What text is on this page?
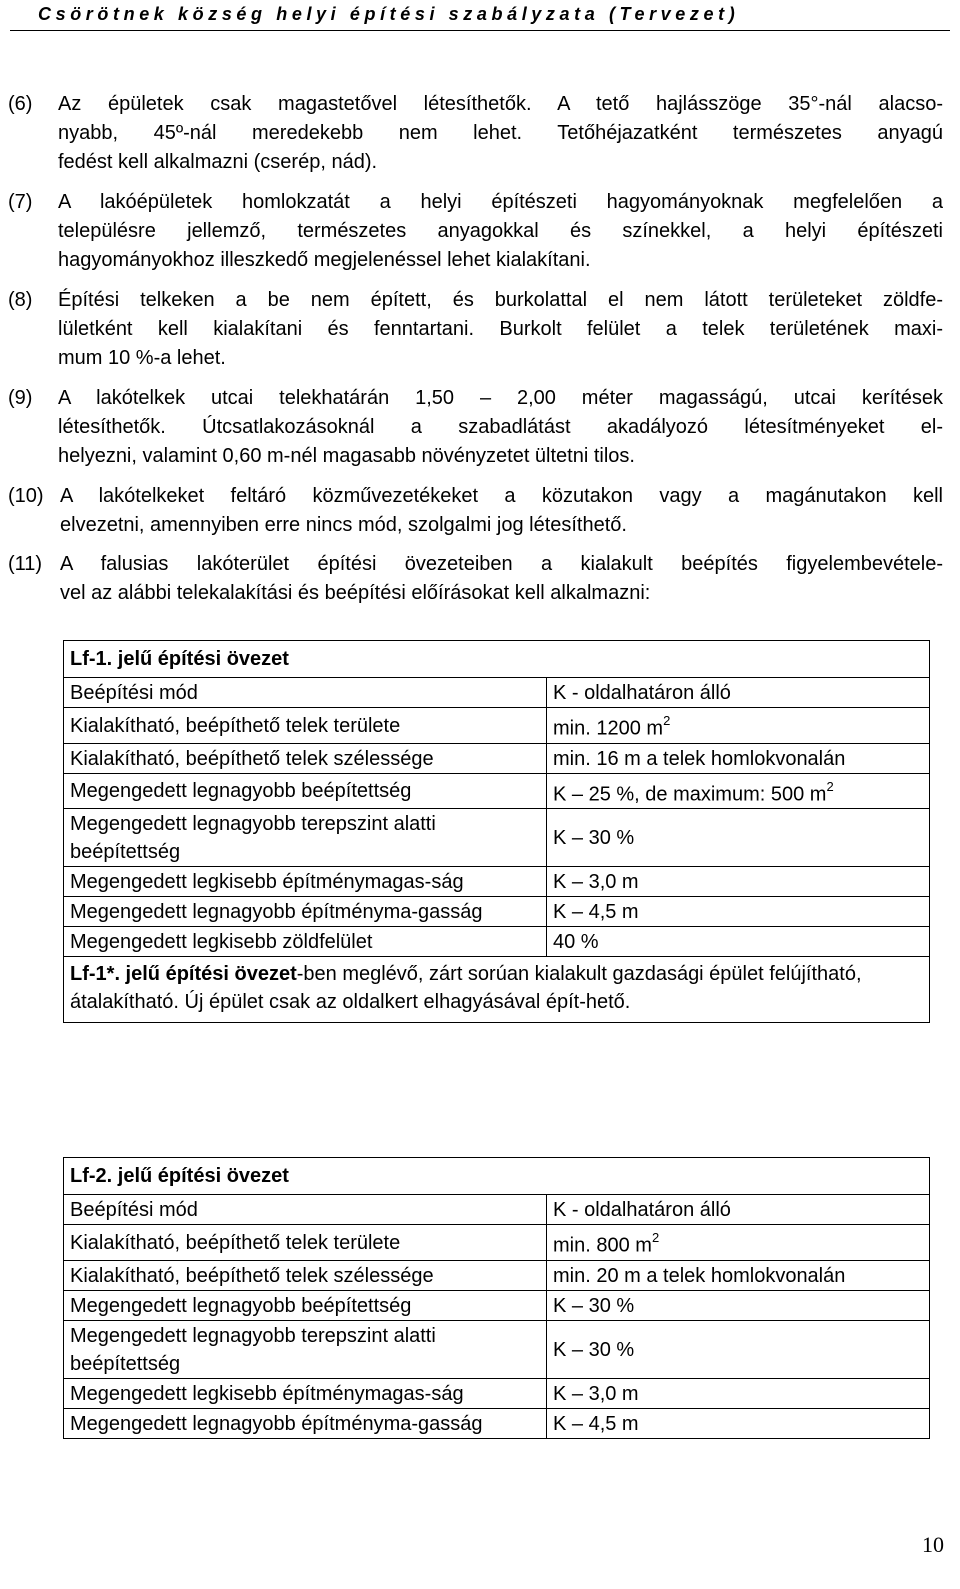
Csörötnek község helyi építési szabályzata (Tervezet)
(6)	Az épületek csak magastetővel létesíthetők. A tető hajlásszöge 35°-nál alacso-
nyabb, 45º-nál meredekebb nem lehet. Tetőhéjazatként természetes anyagú
fedést kell alkalmazni (cserép, nád).
(7)	A lakóépületek homlokzatát a helyi építészeti hagyományoknak megfelelően a
településre jellemző, természetes anyagokkal és színekkel, a helyi építészeti
hagyományokhoz illeszkedő megjelenéssel lehet kialakítani.
(8)	Építési telkeken a be nem épített, és burkolattal el nem látott területeket zöldfe-
lületként kell kialakítani és fenntartani. Burkolt felület a telek területének maxi-
mum 10 %-a lehet.
(9)	A lakótelkek utcai telekhatárán 1,50 – 2,00 méter magasságú, utcai kerítések
létesíthetők. Útcsatlakozásoknál a szabadlátást akadályozó létesítményeket el-
helyezni, valamint 0,60 m-nél magasabb növényzetet ültetni tilos.
(10) A lakótelkeket feltáró közművezetékeket a közutakon vagy a magánutakon kell
elvezetni, amennyiben erre nincs mód, szolgalmi jog létesíthető.
(11) A falusias lakóterület építési övezeteiben a kialakult beépítés figyelembevétele-
vel az alábbi telekalakítási és beépítési előírásokat kell alkalmazni:
Lf-1. jelű építési övezet	
Beépítési mód	K - oldalhatáron álló
Kialakítható, beépíthető telek területe	min. 1200 $m^2$
Kialakítható, beépíthető telek szélessége	min. 16 m a telek homlokvonalán
Megengedett legnagyobb beépítettség	K – 25 %, de maximum: 500 $m^2$
Megengedett legnagyobb terepszint alatti beépítettség	K – 30 %
Megengedett legkisebb építménymagas-ság	K – 3,0 m
Megengedett legnagyobb építményma-gasság	K – 4,5 m
Megengedett legkisebb zöldfelület	40 %
Lf-1*. jelű építési övezet-ben meglévő, zárt sorúan kialakult gazdasági épület felújítható, átalakítható. Új épület csak az oldalkert elhagyásával épít-hető.	
Lf-2. jelű építési övezet	
Beépítési mód	K - oldalhatáron álló
Kialakítható, beépíthető telek területe	min. 800 $m^2$
Kialakítható, beépíthető telek szélessége	min. 20 m a telek homlokvonalán
Megengedett legnagyobb beépítettség	K – 30 %
Megengedett legnagyobb terepszint alatti beépítettség	K – 30 %
Megengedett legkisebb építménymagas-ság	K – 3,0 m
Megengedett legnagyobb építményma-gasság	K – 4,5 m
10
